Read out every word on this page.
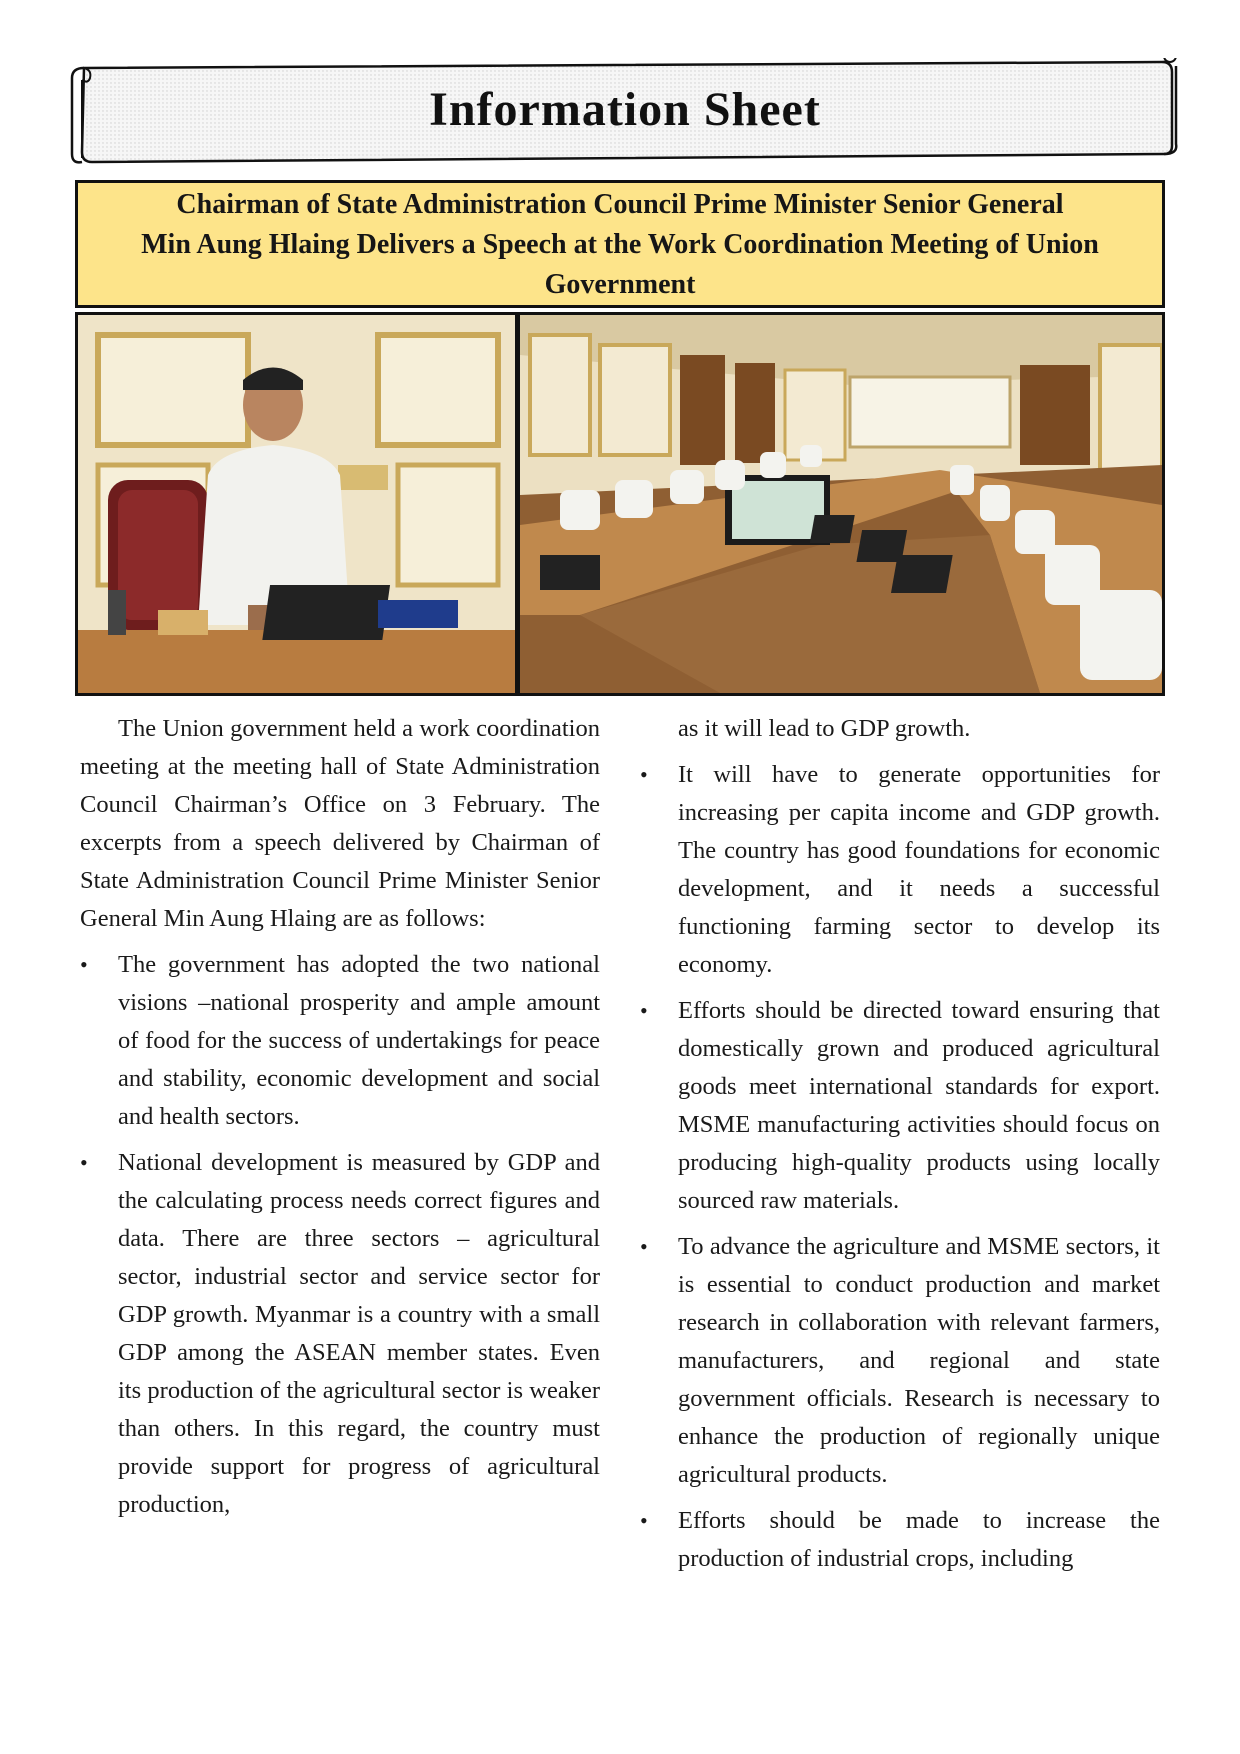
Information Sheet
Chairman of State Administration Council Prime Minister Senior General
Min Aung Hlaing Delivers a Speech at the Work Coordination Meeting of Union
Government

The Union government held a work coordination meeting at the meeting hall of State Administration Council Chairman’s Office on 3 February. The excerpts from a speech delivered by Chairman of State Administration Council Prime Minister Senior General Min Aung Hlaing are as follows:

• The government has adopted the two national visions –national prosperity and ample amount of food for the success of undertakings for peace and stability, economic development and social and health sectors.
• National development is measured by GDP and the calculating process needs correct figures and data. There are three sectors – agricultural sector, industrial sector and service sector for GDP growth. Myanmar is a country with a small GDP among the ASEAN member states. Even its production of the agricultural sector is weaker than others. In this regard, the country must provide support for progress of agricultural production,

as it will lead to GDP growth.

• It will have to generate opportunities for increasing per capita income and GDP growth. The country has good foundations for economic development, and it needs a successful functioning farming sector to develop its economy.
• Efforts should be directed toward ensuring that domestically grown and produced agricultural goods meet international standards for export. MSME manufacturing activities should focus on producing high-quality products using locally sourced raw materials.
• To advance the agriculture and MSME sectors, it is essential to conduct production and market research in collaboration with relevant farmers, manufacturers, and regional and state government officials. Research is necessary to enhance the production of regionally unique agricultural products.
• Efforts should be made to increase the production of industrial crops, including
